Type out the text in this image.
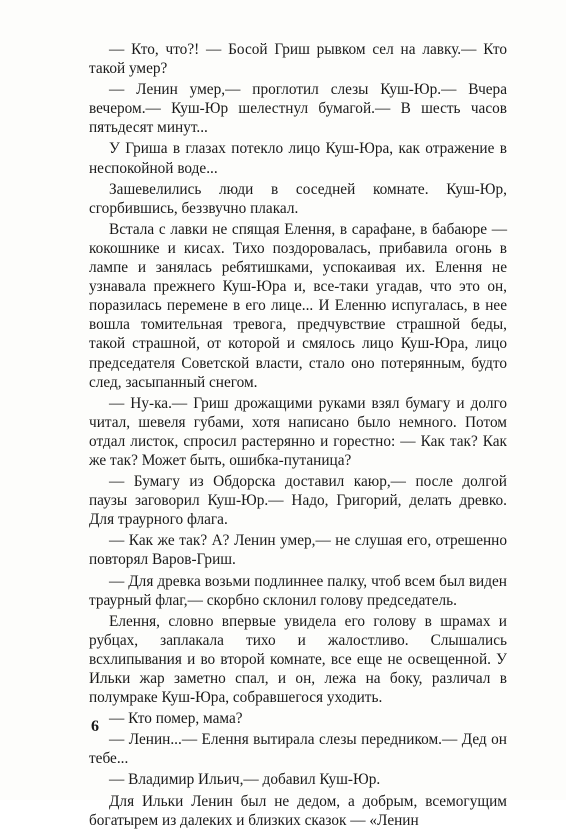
— Кто, что?! — Босой Гриш рывком сел на лавку.— Кто такой умер?

— Ленин умер,— проглотил слезы Куш-Юр.— Вчера вечером.— Куш-Юр шелестнул бумагой.— В шесть часов пятьдесят минут...

У Гриша в глазах потекло лицо Куш-Юра, как отражение в неспокойной воде...

Зашевелились люди в соседней комнате. Куш-Юр, сгорбившись, беззвучно плакал.

Встала с лавки не спящая Елення, в сарафане, в бабаюре — кокошнике и кисах. Тихо поздоровалась, прибавила огонь в лампе и занялась ребятишками, успокаивая их. Елення не узнавала прежнего Куш-Юра и, все-таки угадав, что это он, поразилась перемене в его лице... И Еленню испугалась, в нее вошла томительная тревога, предчувствие страшной беды, такой страшной, от которой и смялось лицо Куш-Юра, лицо председателя Советской власти, стало оно потерянным, будто след, засыпанный снегом.

— Ну-ка.— Гриш дрожащими руками взял бумагу и долго читал, шевеля губами, хотя написано было немного. Потом отдал листок, спросил растерянно и горестно: — Как так? Как же так? Может быть, ошибка-путаница?

— Бумагу из Обдорска доставил каюр,— после долгой паузы заговорил Куш-Юр.— Надо, Григорий, делать древко. Для траурного флага.

— Как же так? А? Ленин умер,— не слушая его, отрешенно повторял Варов-Гриш.

— Для древка возьми подлиннее палку, чтоб всем был виден траурный флаг,— скорбно склонил голову председатель.

Елення, словно впервые увидела его голову в шрамах и рубцах, заплакала тихо и жалостливо. Слышались всхлипывания и во второй комнате, все еще не освещенной. У Ильки жар заметно спал, и он, лежа на боку, различал в полумраке Куш-Юра, собравшегося уходить.

— Кто помер, мама?

— Ленин...— Елення вытирала слезы передником.— Дед он тебе...

— Владимир Ильич,— добавил Куш-Юр.

Для Ильки Ленин был не дедом, а добрым, всемогущим богатырем из далеких и близких сказок — «Ленин

6
